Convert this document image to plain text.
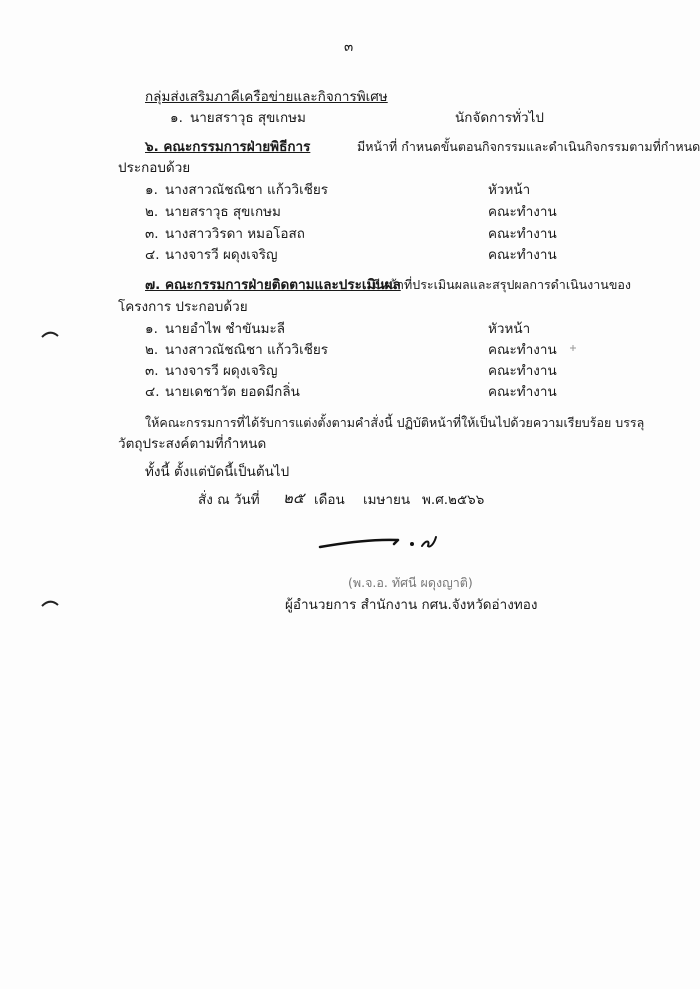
๓
กลุ่มส่งเสริมภาคีเครือข่ายและกิจการพิเศษ
๑. นายสราวุธ สุขเกษม	นักจัดการทั่วไป
๖. คณะกรรมการฝ่ายพิธีการ	มีหน้าที่ กำหนดขั้นตอนกิจกรรมและดำเนินกิจกรรมตามที่กำหนด
ประกอบด้วย
๑. นางสาวณัชณิชา แก้ววิเชียร	หัวหน้า
๒. นายสราวุธ สุขเกษม	คณะทำงาน
๓. นางสาววิรดา หมอโอสถ	คณะทำงาน
๔. นางจารวี ผดุงเจริญ	คณะทำงาน
๗. คณะกรรมการฝ่ายติดตามและประเมินผล
มีหน้าที่ประเมินผลและสรุปผลการดำเนินงานของ
โครงการ ประกอบด้วย
๑. นายอำไพ ชำขันมะลี	หัวหน้า
๒. นางสาวณัชณิชา แก้ววิเชียร	คณะทำงาน
๓. นางจารวี ผดุงเจริญ	คณะทำงาน
๔. นายเดชาวัต ยอดมีกลิ่น	คณะทำงาน
ให้คณะกรรมการที่ได้รับการแต่งตั้งตามคำสั่งนี้ ปฏิบัติหน้าที่ให้เป็นไปด้วยความเรียบร้อย บรรลุ
วัตถุประสงค์ตามที่กำหนด
ทั้งนี้ ตั้งแต่บัดนี้เป็นต้นไป
สั่ง ณ วันที่ ๒๕ เดือน เมษายน พ.ศ.๒๕๖๖
(พ.จ.อ. ทัศนี ผดุงญาติ)
ผู้อำนวยการ สำนักงาน กศน.จังหวัดอ่างทอง
